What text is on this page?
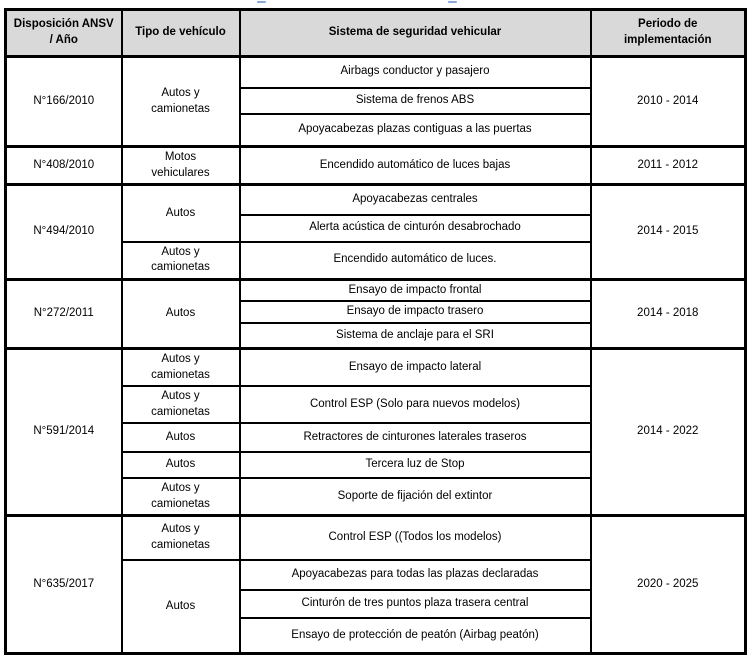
Disposición ANSV / Año	Tipo de vehículo	Sistema de seguridad vehicular	Periodo de implementación
N°166/2010	Autos y camionetas	Airbags conductor y pasajero	2010 - 2014
		Sistema de frenos ABS	
		Apoyacabezas plazas contiguas a las puertas	
N°408/2010	Motos vehiculares	Encendido automático de luces bajas	2011 - 2012
N°494/2010	Autos	Apoyacabezas centrales	2014 - 2015
		Alerta acústica de cinturón desabrochado	
	Autos y camionetas	Encendido automático de luces.	
N°272/2011	Autos	Ensayo de impacto frontal	2014 - 2018
		Ensayo de impacto trasero	
		Sistema de anclaje para el SRI	
N°591/2014	Autos y camionetas	Ensayo de impacto lateral	2014 - 2022
	Autos y camionetas	Control ESP (Solo para nuevos modelos)	
	Autos	Retractores de cinturones laterales traseros	
	Autos	Tercera luz de Stop	
	Autos y camionetas	Soporte de fijación del extintor	
N°635/2017	Autos y camionetas	Control ESP ((Todos los modelos)	2020 - 2025
	Autos	Apoyacabezas para todas las plazas declaradas	
		Cinturón de tres puntos plaza trasera central	
		Ensayo de protección de peatón (Airbag peatón)	
